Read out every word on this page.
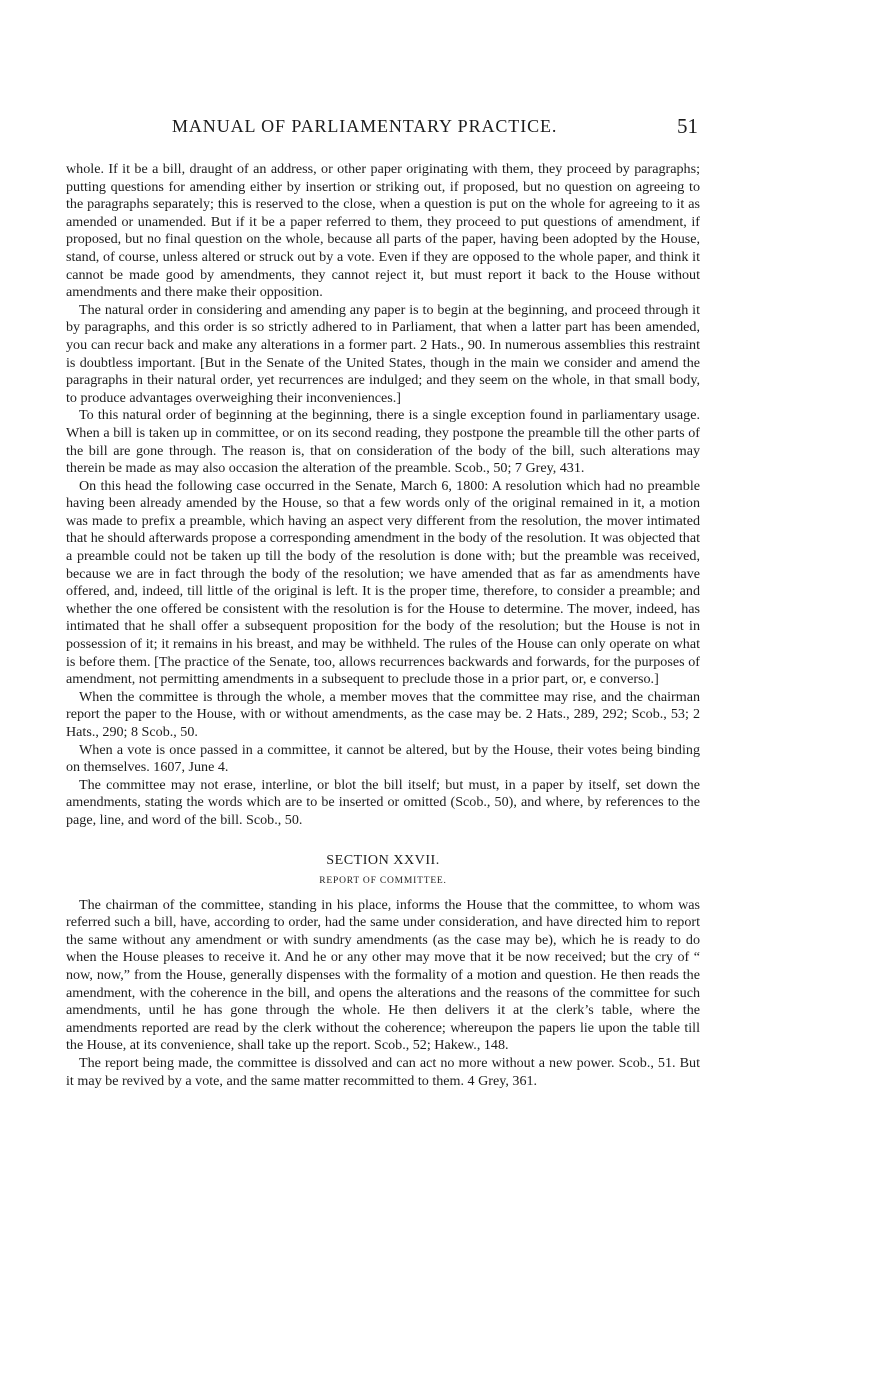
MANUAL OF PARLIAMENTARY PRACTICE.	51

whole. If it be a bill, draught of an address, or other paper originating with them, they proceed by paragraphs; putting questions for amending either by insertion or striking out, if proposed, but no question on agreeing to the paragraphs separately; this is reserved to the close, when a question is put on the whole for agreeing to it as amended or unamended. But if it be a paper referred to them, they proceed to put questions of amendment, if proposed, but no final question on the whole, because all parts of the paper, having been adopted by the House, stand, of course, unless altered or struck out by a vote. Even if they are opposed to the whole paper, and think it cannot be made good by amendments, they cannot reject it, but must report it back to the House without amendments and there make their opposition.

The natural order in considering and amending any paper is to begin at the beginning, and proceed through it by paragraphs, and this order is so strictly adhered to in Parliament, that when a latter part has been amended, you can recur back and make any alterations in a former part. 2 Hats., 90. In numerous assemblies this restraint is doubtless important. [But in the Senate of the United States, though in the main we consider and amend the paragraphs in their natural order, yet recurrences are indulged; and they seem on the whole, in that small body, to produce advantages overweighing their inconveniences.]

To this natural order of beginning at the beginning, there is a single exception found in parliamentary usage. When a bill is taken up in committee, or on its second reading, they postpone the preamble till the other parts of the bill are gone through. The reason is, that on consideration of the body of the bill, such alterations may therein be made as may also occasion the alteration of the preamble. Scob., 50; 7 Grey, 431.

On this head the following case occurred in the Senate, March 6, 1800: A resolution which had no preamble having been already amended by the House, so that a few words only of the original remained in it, a motion was made to prefix a preamble, which having an aspect very different from the resolution, the mover intimated that he should afterwards propose a corresponding amendment in the body of the resolution. It was objected that a preamble could not be taken up till the body of the resolution is done with; but the preamble was received, because we are in fact through the body of the resolution; we have amended that as far as amendments have offered, and, indeed, till little of the original is left. It is the proper time, therefore, to consider a preamble; and whether the one offered be consistent with the resolution is for the House to determine. The mover, indeed, has intimated that he shall offer a subsequent proposition for the body of the resolution; but the House is not in possession of it; it remains in his breast, and may be withheld. The rules of the House can only operate on what is before them. [The practice of the Senate, too, allows recurrences backwards and forwards, for the purposes of amendment, not permitting amendments in a subsequent to preclude those in a prior part, or, e converso.]

When the committee is through the whole, a member moves that the committee may rise, and the chairman report the paper to the House, with or without amendments, as the case may be. 2 Hats., 289, 292; Scob., 53; 2 Hats., 290; 8 Scob., 50.

When a vote is once passed in a committee, it cannot be altered, but by the House, their votes being binding on themselves. 1607, June 4.

The committee may not erase, interline, or blot the bill itself; but must, in a paper by itself, set down the amendments, stating the words which are to be inserted or omitted (Scob., 50), and where, by references to the page, line, and word of the bill. Scob., 50.

SECTION XXVII.
REPORT OF COMMITTEE.

The chairman of the committee, standing in his place, informs the House that the committee, to whom was referred such a bill, have, according to order, had the same under consideration, and have directed him to report the same without any amendment or with sundry amendments (as the case may be), which he is ready to do when the House pleases to receive it. And he or any other may move that it be now received; but the cry of “ now, now,” from the House, generally dispenses with the formality of a motion and question. He then reads the amendment, with the coherence in the bill, and opens the alterations and the reasons of the committee for such amendments, until he has gone through the whole. He then delivers it at the clerk’s table, where the amendments reported are read by the clerk without the coherence; whereupon the papers lie upon the table till the House, at its convenience, shall take up the report. Scob., 52; Hakew., 148.

The report being made, the committee is dissolved and can act no more without a new power. Scob., 51. But it may be revived by a vote, and the same matter recommitted to them. 4 Grey, 361.
